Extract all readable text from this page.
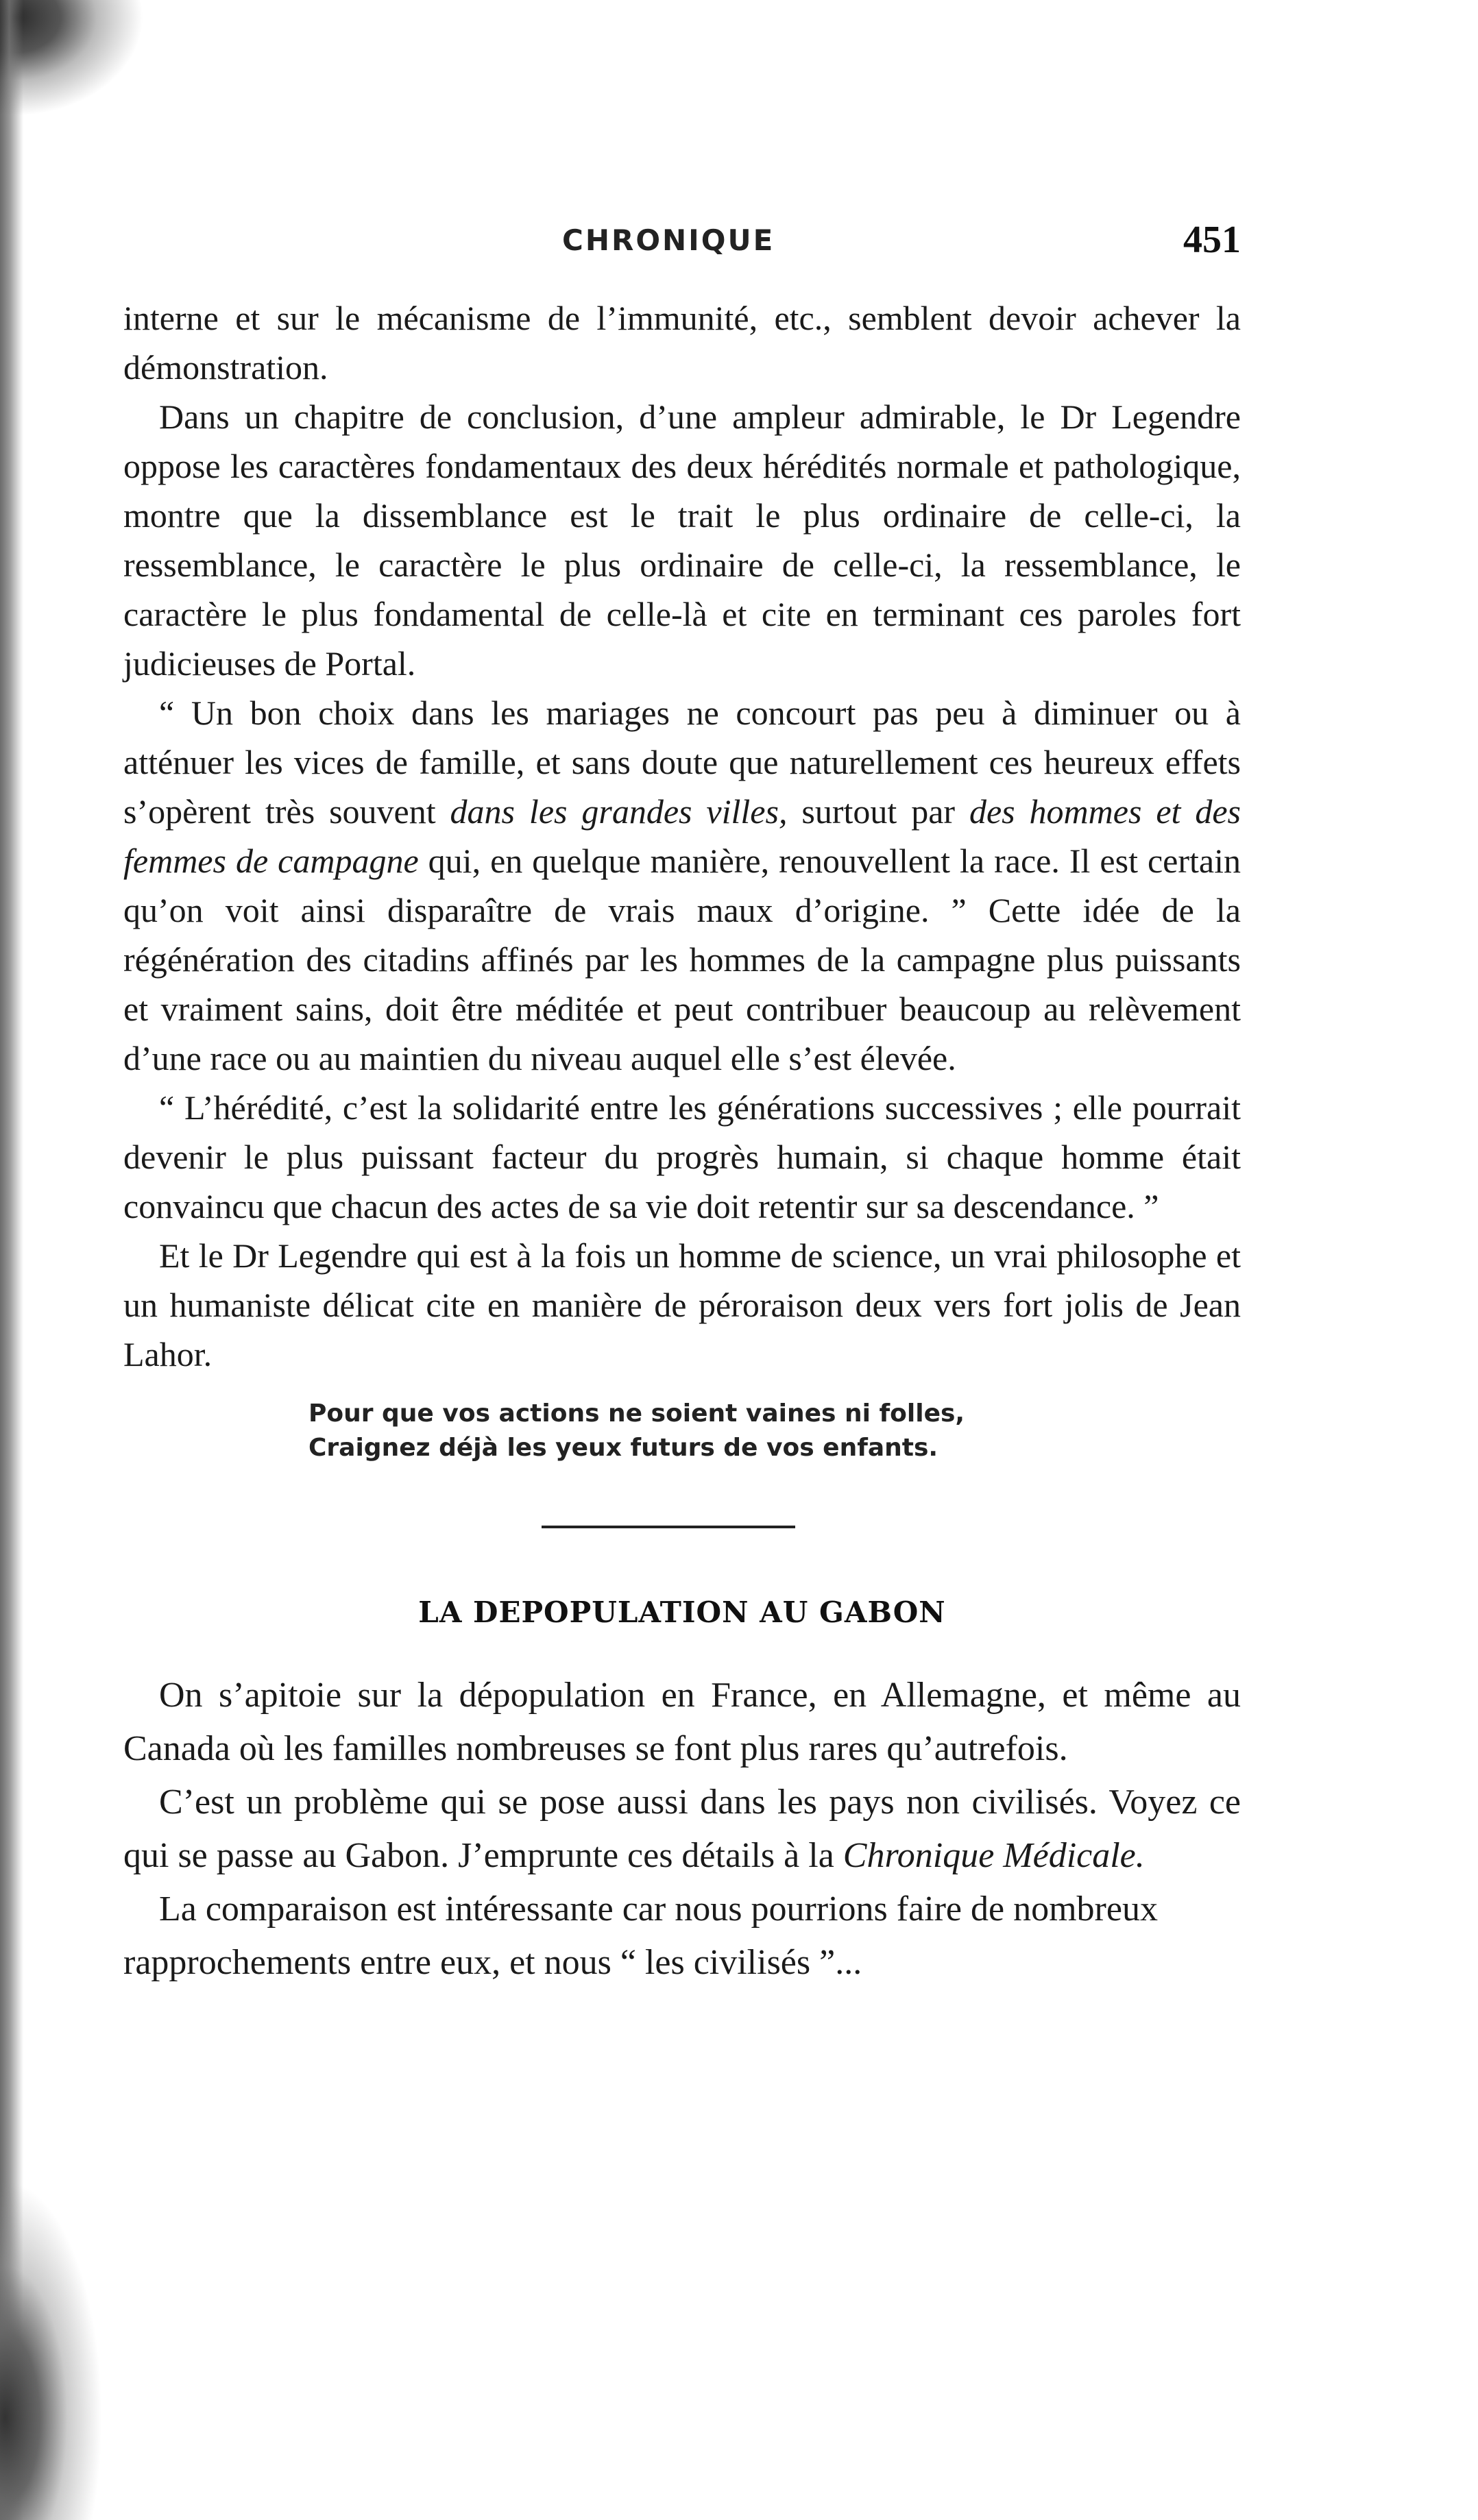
CHRONIQUE	451

interne et sur le mécanisme de l’immunité, etc., semblent devoir achever la démonstration.

Dans un chapitre de conclusion, d’une ampleur admirable, le Dr Legendre oppose les caractères fondamentaux des deux hérédités normale et pathologique, montre que la dissemblance est le trait le plus ordinaire de celle-ci, la ressemblance, le caractère le plus ordinaire de celle-ci, la ressemblance, le caractère le plus fondamental de celle-là et cite en terminant ces paroles fort judicieuses de Portal.

“ Un bon choix dans les mariages ne concourt pas peu à diminuer ou à atténuer les vices de famille, et sans doute que naturellement ces heureux effets s’opèrent très souvent dans les grandes villes, surtout par des hommes et des femmes de campagne qui, en quelque manière, renouvellent la race. Il est certain qu’on voit ainsi disparaître de vrais maux d’origine. ” Cette idée de la régénération des citadins affinés par les hommes de la campagne plus puissants et vraiment sains, doit être méditée et peut contribuer beaucoup au relèvement d’une race ou au maintien du niveau auquel elle s’est élevée.

“ L’hérédité, c’est la solidarité entre les générations successives ; elle pourrait devenir le plus puissant facteur du progrès humain, si chaque homme était convaincu que chacun des actes de sa vie doit retentir sur sa descendance. ”

Et le Dr Legendre qui est à la fois un homme de science, un vrai philosophe et un humaniste délicat cite en manière de péroraison deux vers fort jolis de Jean Lahor.

Pour que vos actions ne soient vaines ni folles,
Craignez déjà les yeux futurs de vos enfants.
LA DEPOPULATION AU GABON

On s’apitoie sur la dépopulation en France, en Allemagne, et même au Canada où les familles nombreuses se font plus rares qu’autrefois.

C’est un problème qui se pose aussi dans les pays non civilisés. Voyez ce qui se passe au Gabon. J’emprunte ces détails à la Chronique Médicale.

La comparaison est intéressante car nous pourrions faire de nombreux rapprochements entre eux, et nous “ les civilisés ”...
